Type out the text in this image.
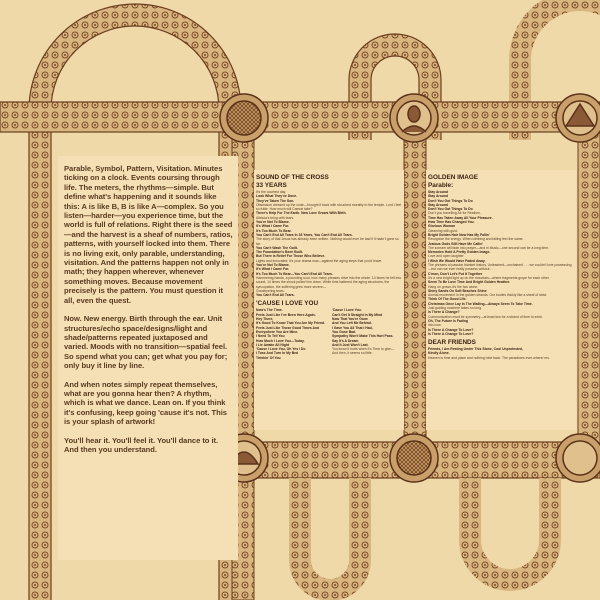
Parable, Symbol, Pattern, Visitation. Minutes ticking on a clock. Events coursing through life. The meters, the rhythms—simple. But define what's happening and it sounds like this: A is like B, B is like A—complex. So you listen—harder—you experience time, but the world is full of relations. Right there is the seed—and the harvest is a sheaf of numbers, ratios, patterns, with yourself locked into them. There is no living exit, only parable, understanding, visitation. And the patterns happen not only in math; they happen wherever, whenever something moves. Because movement precisely is the pattern. You must question it all, even the quest.

Now. New energy. Birth through the ear. Unit structures/echo space/designs/light and shade/patterns repeated juxtaposed and varied. Moods with no transition—spatial feel. So spend what you can; get what you pay for; only buy it line by line.

And when notes simply repeat themselves, what are you gonna hear then? A rhythm, which is what we dance. Lean on. If you think it's confusing, keep going 'cause it's not. This is your splash of artwork!

You'll hear it. You'll feel it. You'll dance to it. And then you understand.

SOUND OF THE CROSS
33 YEARS
It's the courtest day.
Look What They've Done.
They've Taken The Son.
Obsession dressed up the code—brought it back with slouched morality to the temple. Lord I feel so futile. How much will Caesar take?
There's Help For The Earth. New Love Grows With Birth.
Alleluia's bring with tears.
You're Not To Blame.
It's What I Came For.
It's Too Much To Bear.
You Can't End All Tears In 33 Years, You Can't End All Tears.
The story of that Jesus has already been written. Nothing would ever be bad if it hadn't gone so far.
You Can't Wash The Guilt.
The Foundation's Been Built.
But There Is Relief For Those Who Believe.
Lights and innovated; it's your drama now—against the aging steps that you'd leave.
You're Not To Blame.
It's What I Came For.
It's Too Much To Bear—You Can't End All Tears.
Hammering hands, a pounding soul, how many phrases drive into the whole. 14 times he fell into sound, 14 times the shock pulled him down. While time battered the aging structures, the syncopation, the suffering grew more severe—
Goodbye/ing tears.
You Can't End All Tears.
'CAUSE I LOVE YOU
Now's The Time.
Feels Just Like I've Been Here Again.
Hey There,
It's Good To Know That You Are My Friend.
Feels Just Like Those Good Times And Everywhere You Are Mine.
I Need To Tell You
How Much I Love You—Today.
I Lie Awake All Night
'Cause I Love You, Oh Yes I Do
I Toss And Turn In My Bed
Thinkin' Of You
'Cause I Love You.
Can't Get It Straight In My Mind
Now That You're Gone
And You Left Me Behind.
I Gave You All That I Had,
You Gone Bad.
Sympathy Won't Make This Hurt Pass.
Say It's A Dream
And It Just Won't Last.
You know it hurts when it's Time to give—
And then, it seems so little.
GOLDEN IMAGE
Parable:
Stay Around
Stay Around
Don't You Got Things To Do
Stay Around
Don't You Got Things To Do
Don't you travelling Air for Realism.
Time Has Taken Away All Your Pleasure.
How Time Has Changed You.
Glorious Woman
Gleaming with gold.
Bright Golden Hair Now Has My Fallin'
Recognize the energy. When climbing and falling feel the same.
Jealous Gods Still Have Me Callin'
The scream will fade into prayer—and in Music—one second can be a long time.
Memories Hold A Pretty Golden Image.
Love and open laughter
I Wish We Would Have Faded Away.
The phrases of passion blanket history. Unleashed—unchained . . . we couldn't love possessing—but can we ever really possess without . . .
C'mon, Don't Let's Put It Together
It's a new bright light up on the mountain—where fragments grope for each other.
Seem To Be Love Time And Bright Golden Heather.
Hang on grown-it's the two alone.
Shiny Sands On Soft Beaches Shine
Animal movement in the golden strands. Our bodies thickly like a sheaf of twist.
Think Of The Good Life.
Christmas Once Lay In The Walling—Always Seem To Take Time.
Just guiding nowhere takes so long.
Is There A Change?
Communication must be symmetry—at least two for a strand of time to exist.
Oh, The Future Is Fading
into now.
Is There A Change To Love?
Is There A Change To Love?
DEAR FRIENDS
Friends, I Am Resting Under This Stone, Cool Unprotested,
Kindly Alone.
Heaven is time and place and nothing held back. The paradoxes ever-where/ ms.
